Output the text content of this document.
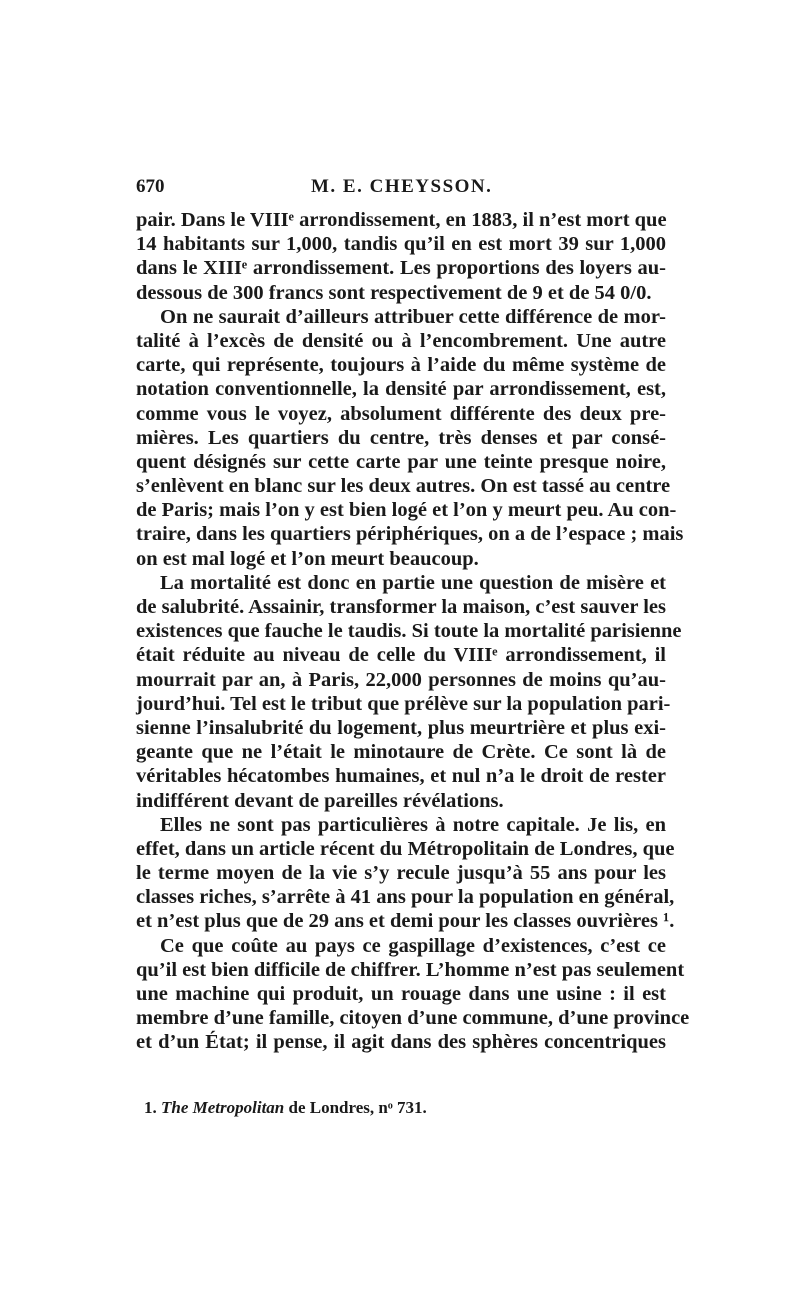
670	M. E. CHEYSSON.
pair. Dans le VIIIᵉ arrondissement, en 1883, il n’est mort que
14 habitants sur 1,000, tandis qu’il en est mort 39 sur 1,000
dans le XIIIᵉ arrondissement. Les proportions des loyers au-
dessous de 300 francs sont respectivement de 9 et de 54 0/0.
On ne saurait d’ailleurs attribuer cette différence de mor-
talité à l’excès de densité ou à l’encombrement. Une autre
carte, qui représente, toujours à l’aide du même système de
notation conventionnelle, la densité par arrondissement, est,
comme vous le voyez, absolument différente des deux pre-
mières. Les quartiers du centre, très denses et par consé-
quent désignés sur cette carte par une teinte presque noire,
s’enlèvent en blanc sur les deux autres. On est tassé au centre
de Paris; mais l’on y est bien logé et l’on y meurt peu. Au con-
traire, dans les quartiers périphériques, on a de l’espace ; mais
on est mal logé et l’on meurt beaucoup.
La mortalité est donc en partie une question de misère et
de salubrité. Assainir, transformer la maison, c’est sauver les
existences que fauche le taudis. Si toute la mortalité parisienne
était réduite au niveau de celle du VIIIᵉ arrondissement, il
mourrait par an, à Paris, 22,000 personnes de moins qu’au-
jourd’hui. Tel est le tribut que prélève sur la population pari-
sienne l’insalubrité du logement, plus meurtrière et plus exi-
geante que ne l’était le minotaure de Crète. Ce sont là de
véritables hécatombes humaines, et nul n’a le droit de rester
indifférent devant de pareilles révélations.
Elles ne sont pas particulières à notre capitale. Je lis, en
effet, dans un article récent du Métropolitain de Londres, que
le terme moyen de la vie s’y recule jusqu’à 55 ans pour les
classes riches, s’arrête à 41 ans pour la population en général,
et n’est plus que de 29 ans et demi pour les classes ouvrières ¹.
Ce que coûte au pays ce gaspillage d’existences, c’est ce
qu’il est bien difficile de chiffrer. L’homme n’est pas seulement
une machine qui produit, un rouage dans une usine : il est
membre d’une famille, citoyen d’une commune, d’une province
et d’un État; il pense, il agit dans des sphères concentriques
1. The Metropolitan de Londres, nᵒ 731.
